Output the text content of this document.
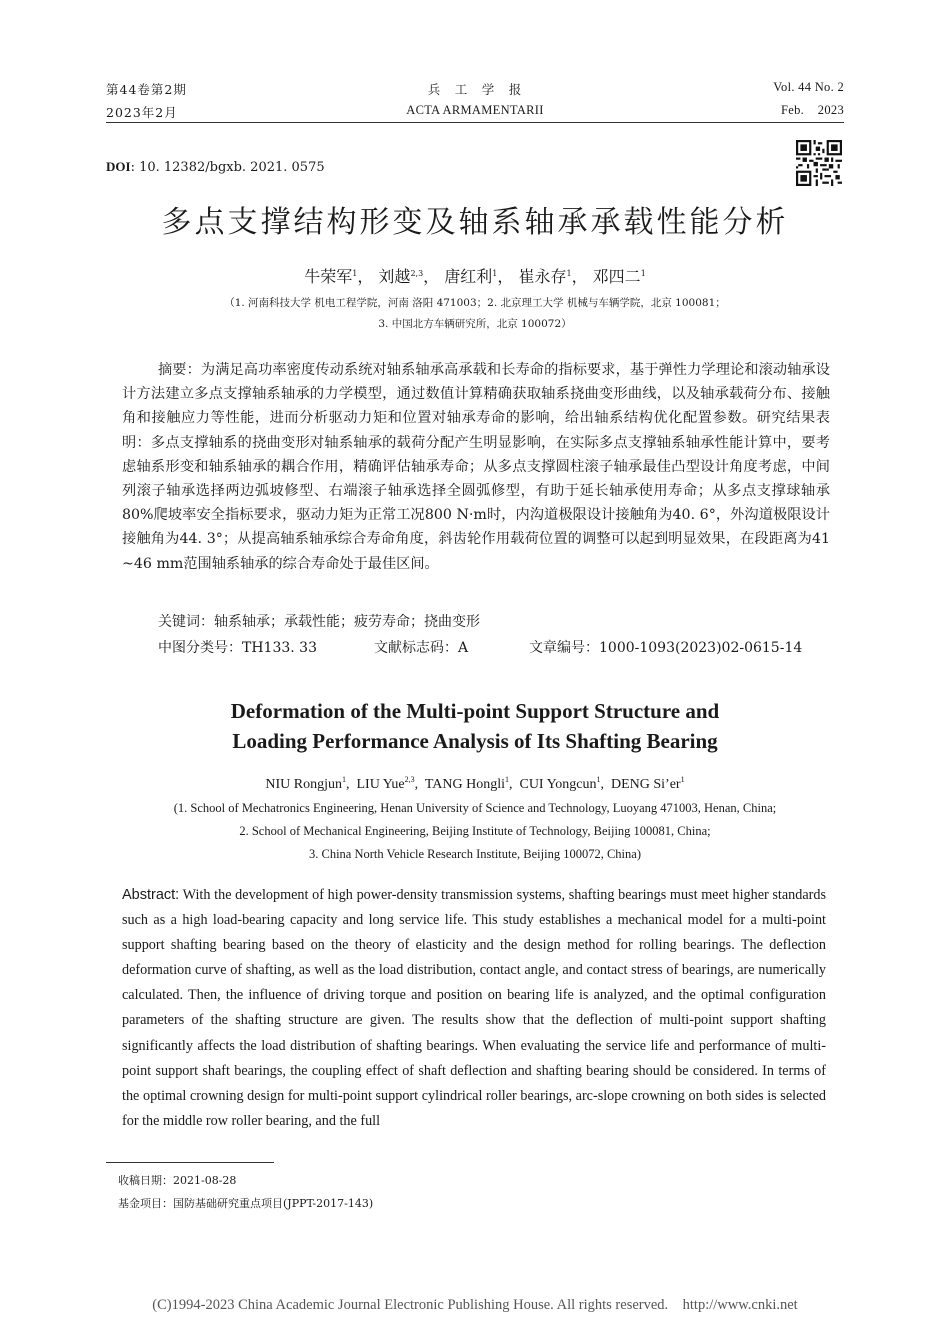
第44卷第2期
2023年2月
兵　工　学　报
ACTA ARMAMENTARII
Vol. 44 No. 2
Feb.    2023
DOI: 10. 12382/bgxb. 2021. 0575
多点支撑结构形变及轴系轴承承载性能分析
牛荣军$^1$， 刘越$^{2,3}$， 唐红利$^1$， 崔永存$^1$， 邓四二$^1$
（1. 河南科技大学 机电工程学院，河南 洛阳 471003；2. 北京理工大学 机械与车辆学院，北京 100081；
3. 中国北方车辆研究所，北京 100072）
摘要：为满足高功率密度传动系统对轴系轴承高承载和长寿命的指标要求，基于弹性力学理论和滚动轴承设计方法建立多点支撑轴系轴承的力学模型，通过数值计算精确获取轴系挠曲变形曲线，以及轴承载荷分布、接触角和接触应力等性能，进而分析驱动力矩和位置对轴承寿命的影响，给出轴系结构优化配置参数。研究结果表明：多点支撑轴系的挠曲变形对轴系轴承的载荷分配产生明显影响，在实际多点支撑轴系轴承性能计算中，要考虑轴系形变和轴系轴承的耦合作用，精确评估轴承寿命；从多点支撑圆柱滚子轴承最佳凸型设计角度考虑，中间列滚子轴承选择两边弧坡修型、右端滚子轴承选择全圆弧修型，有助于延长轴承使用寿命；从多点支撑球轴承80%爬坡率安全指标要求，驱动力矩为正常工况800 N·m时，内沟道极限设计接触角为40. 6°，外沟道极限设计接触角为44. 3°；从提高轴系轴承综合寿命角度，斜齿轮作用载荷位置的调整可以起到明显效果，在段距离为41 ~46 mm范围轴系轴承的综合寿命处于最佳区间。
关键词：轴系轴承；承载性能；疲劳寿命；挠曲变形
中图分类号：TH133. 33	文献标志码：A	文章编号：1000-1093(2023)02-0615-14
Deformation of the Multi-point Support Structure and
Loading Performance Analysis of Its Shafting Bearing
NIU Rongjun$^1$,  LIU Yue$^{2,3}$,  TANG Hongli$^1$,  CUI Yongcun$^1$,  DENG $Si’er^1$
(1. School of Mechatronics Engineering, Henan University of Science and Technology, Luoyang 471003, Henan, China;
2. School of Mechanical Engineering, Beijing Institute of Technology, Beijing 100081, China;
3. China North Vehicle Research Institute, Beijing 100072, China)
Abstract: With the development of high power-density transmission systems, shafting bearings must meet higher standards such as a high load-bearing capacity and long service life. This study establishes a mechanical model for a multi-point support shafting bearing based on the theory of elasticity and the design method for rolling bearings. The deflection deformation curve of shafting, as well as the load distribution, contact angle, and contact stress of bearings, are numerically calculated. Then, the influence of driving torque and position on bearing life is analyzed, and the optimal configuration parameters of the shafting structure are given. The results show that the deflection of multi-point support shafting significantly affects the load distribution of shafting bearings. When evaluating the service life and performance of multi-point support shaft bearings, the coupling effect of shaft deflection and shafting bearing should be considered. In terms of the optimal crowning design for multi-point support cylindrical roller bearings, arc-slope crowning on both sides is selected for the middle row roller bearing, and the full
收稿日期：2021-08-28
基金项目：国防基础研究重点项目(JPPT-2017-143)
(C)1994-2023 China Academic Journal Electronic Publishing House. All rights reserved.    http://www.cnki.net
